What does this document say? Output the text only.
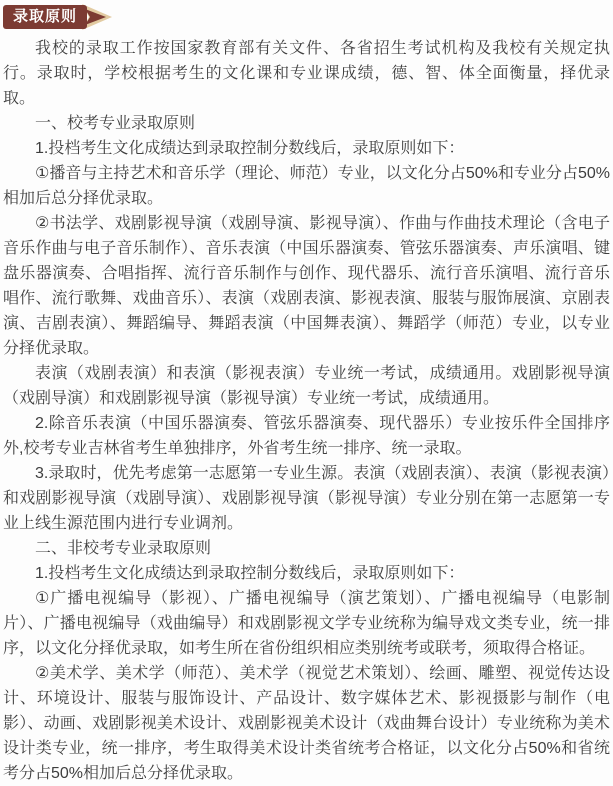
录取原则

我校的录取工作按国家教育部有关文件、各省招生考试机构及我校有关规定执行。录取时，学校根据考生的文化课和专业课成绩，德、智、体全面衡量，择优录取。

一、校考专业录取原则

1.投档考生文化成绩达到录取控制分数线后，录取原则如下：

①播音与主持艺术和音乐学（理论、师范）专业，以文化分占50%和专业分占50%相加后总分择优录取。

②书法学、戏剧影视导演（戏剧导演、影视导演）、作曲与作曲技术理论（含电子音乐作曲与电子音乐制作）、音乐表演（中国乐器演奏、管弦乐器演奏、声乐演唱、键盘乐器演奏、合唱指挥、流行音乐制作与创作、现代器乐、流行音乐演唱、流行音乐唱作、流行歌舞、戏曲音乐）、表演（戏剧表演、影视表演、服装与服饰展演、京剧表演、吉剧表演）、舞蹈编导、舞蹈表演（中国舞表演）、舞蹈学（师范）专业，以专业分择优录取。

表演（戏剧表演）和表演（影视表演）专业统一考试，成绩通用。戏剧影视导演（戏剧导演）和戏剧影视导演（影视导演）专业统一考试，成绩通用。

2.除音乐表演（中国乐器演奏、管弦乐器演奏、现代器乐）专业按乐件全国排序外,校考专业吉林省考生单独排序，外省考生统一排序、统一录取。

3.录取时，优先考虑第一志愿第一专业生源。表演（戏剧表演）、表演（影视表演）和戏剧影视导演（戏剧导演）、戏剧影视导演（影视导演）专业分别在第一志愿第一专业上线生源范围内进行专业调剂。

二、非校考专业录取原则

1.投档考生文化成绩达到录取控制分数线后，录取原则如下：

①广播电视编导（影视）、广播电视编导（演艺策划）、广播电视编导（电影制片）、广播电视编导（戏曲编导）和戏剧影视文学专业统称为编导戏文类专业，统一排序，以文化分择优录取，如考生所在省份组织相应类别统考或联考，须取得合格证。

②美术学、美术学（师范）、美术学（视觉艺术策划）、绘画、雕塑、视觉传达设计、环境设计、服装与服饰设计、产品设计、数字媒体艺术、影视摄影与制作（电影）、动画、戏剧影视美术设计、戏剧影视美术设计（戏曲舞台设计）专业统称为美术设计类专业，统一排序，考生取得美术设计类省统考合格证，以文化分占50%和省统考分占50%相加后总分择优录取。
